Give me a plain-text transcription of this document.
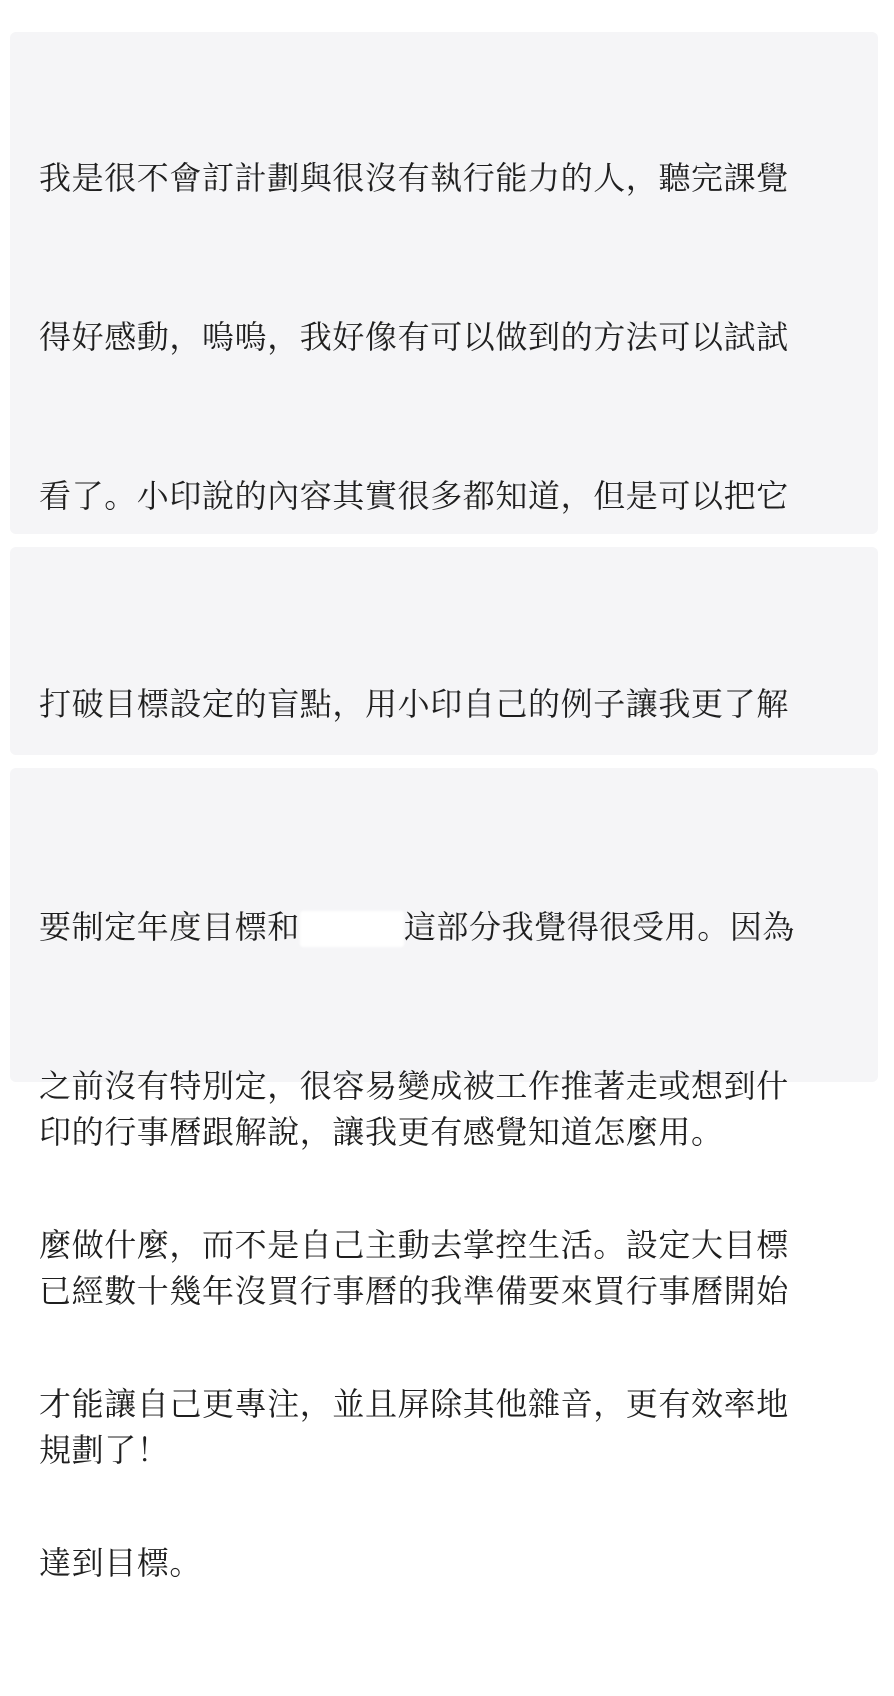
我是很不會訂計劃與很沒有執行能力的人，聽完課覺

得好感動，嗚嗚，我好像有可以做到的方法可以試試

看了。小印說的內容其實很多都知道，但是可以把它

印的行事曆跟解說，讓我更有感覺知道怎麼用。

已經數十幾年沒買行事曆的我準備要來買行事曆開始

規劃了！

打破目標設定的盲點，用小印自己的例子讓我更了解

要制定年度目標和	這部分我覺得很受用。因為

之前沒有特別定，很容易變成被工作推著走或想到什

麼做什麼，而不是自己主動去掌控生活。設定大目標

才能讓自己更專注，並且屏除其他雜音，更有效率地

達到目標。
